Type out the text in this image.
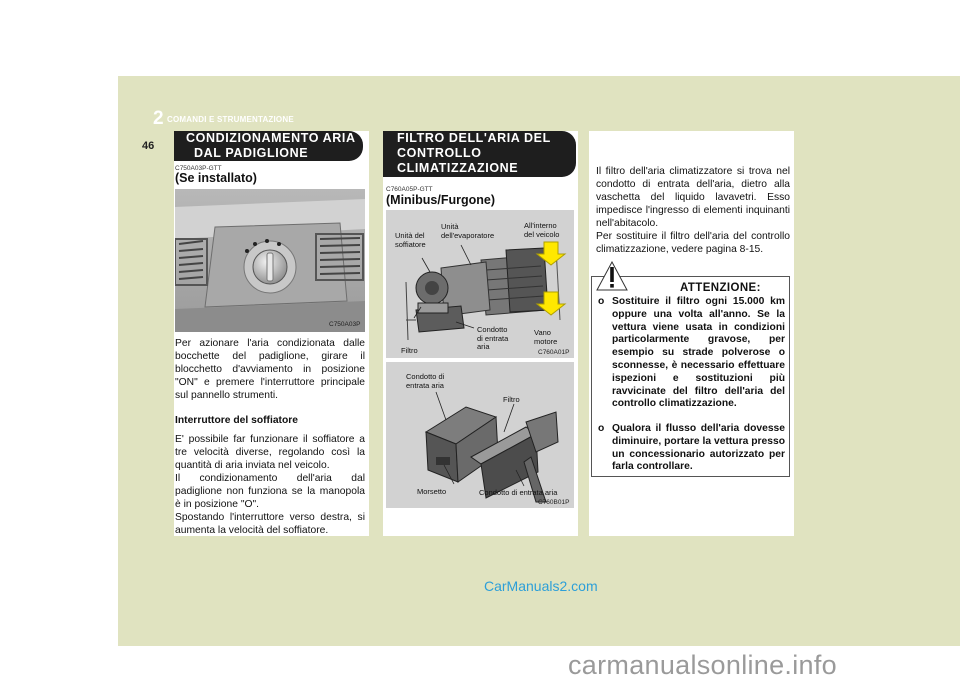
2 COMANDI E STRUMENTAZIONE
46
CONDIZIONAMENTO ARIA
DAL PADIGLIONE
C750A03P-GTT
(Se installato)
C750A03P

Per azionare l'aria condizionata dalle bocchette del padiglione, girare il blocchetto d'avviamento in posizione "ON" e premere l'interruttore principale sul pannello strumenti.

Interruttore del soffiatore

E' possibile far funzionare il soffiatore a tre velocità diverse, regolando così la quantità di aria inviata nel veicolo.

Il condizionamento dell'aria dal padiglione non funziona se la manopola è in posizione "O".

Spostando l'interruttore verso destra, si aumenta la velocità del soffiatore.

FILTRO DELL'ARIA DEL
CONTROLLO
CLIMATIZZAZIONE
C760A05P-GTT
(Minibus/Furgone)
Unità del
soffiatore
Unità
dell'evaporatore
All'interno
del veicolo
Condotto
di entrata
aria
Vano
motore
Filtro	C760A01P
Condotto di
entrata aria
Filtro
Morsetto	Condotto di entrata aria
C760B01P

Il filtro dell'aria climatizzatore si trova nel condotto di entrata dell'aria, dietro alla vaschetta del liquido lavavetri. Esso impedisce l'ingresso di elementi inquinanti nell'abitacolo.

Per sostituire il filtro dell'aria del controllo climatizzazione, vedere pagina 8-15.

ATTENZIONE:
o Sostituire il filtro ogni 15.000 km oppure una volta all'anno. Se la vettura viene usata in condizioni particolarmente gravose, per esempio su strade polverose o sconnesse, è necessario effettuare ispezioni e sostituzioni più ravvicinate del filtro dell'aria del controllo climatizzazione.
o Qualora il flusso dell'aria dovesse diminuire, portare la vettura presso un concessionario autorizzato per farla controllare.
CarManuals2.com
carmanualsonline.info
